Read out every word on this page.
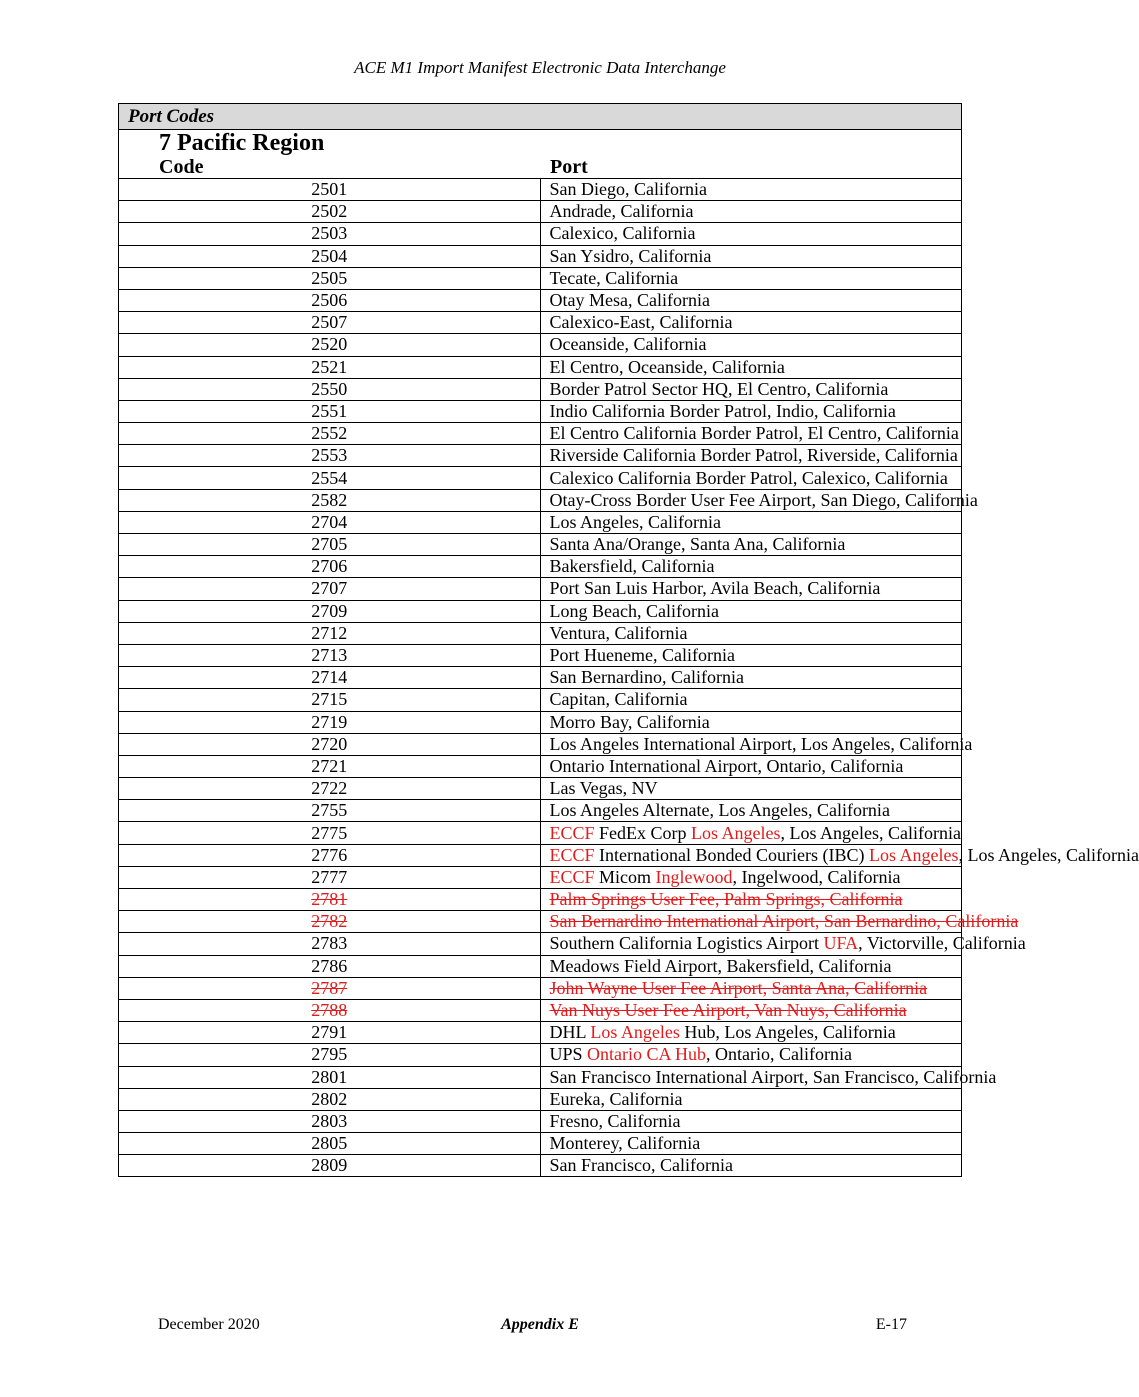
ACE M1 Import Manifest Electronic Data Interchange
Port Codes	
7 Pacific Region	
Code	Port
2501	San Diego, California
2502	Andrade, California
2503	Calexico, California
2504	San Ysidro, California
2505	Tecate, California
2506	Otay Mesa, California
2507	Calexico-East, California
2520	Oceanside, California
2521	El Centro, Oceanside, California
2550	Border Patrol Sector HQ, El Centro, California
2551	Indio California Border Patrol, Indio, California
2552	El Centro California Border Patrol, El Centro, California
2553	Riverside California Border Patrol, Riverside, California
2554	Calexico California Border Patrol, Calexico, California
2582	Otay-Cross Border User Fee Airport, San Diego, California
2704	Los Angeles, California
2705	Santa Ana/Orange, Santa Ana, California
2706	Bakersfield, California
2707	Port San Luis Harbor, Avila Beach, California
2709	Long Beach, California
2712	Ventura, California
2713	Port Hueneme, California
2714	San Bernardino, California
2715	Capitan, California
2719	Morro Bay, California
2720	Los Angeles International Airport, Los Angeles, California
2721	Ontario International Airport, Ontario, California
2722	Las Vegas, NV
2755	Los Angeles Alternate, Los Angeles, California
2775	ECCF FedEx Corp Los Angeles, Los Angeles, California
2776	ECCF International Bonded Couriers (IBC) Los Angeles, Los Angeles, California
2777	ECCF Micom Inglewood, Ingelwood, California
2781	Palm Springs User Fee, Palm Springs, California
2782	San Bernardino International Airport, San Bernardino, California
2783	Southern California Logistics Airport UFA, Victorville, California
2786	Meadows Field Airport, Bakersfield, California
2787	John Wayne User Fee Airport, Santa Ana, California
2788	Van Nuys User Fee Airport, Van Nuys, California
2791	DHL Los Angeles Hub, Los Angeles, California
2795	UPS Ontario CA Hub, Ontario, California
2801	San Francisco International Airport, San Francisco, California
2802	Eureka, California
2803	Fresno, California
2805	Monterey, California
2809	San Francisco, California
December 2020	Appendix E	E-17
